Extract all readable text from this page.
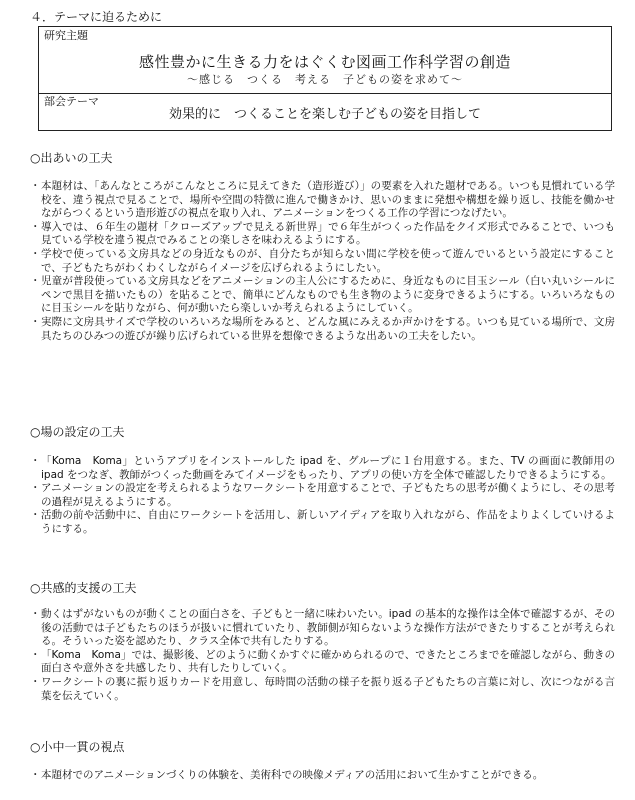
４．テーマに迫るために
研究主題
感性豊かに生きる力をはぐくむ図画工作科学習の創造
～感じる　つくる　考える　子どもの姿を求めて～
部会テーマ
効果的に　つくることを楽しむ子どもの姿を目指して
○出あいの工夫
・ 本題材は、「あんなところがこんなところに見えてきた（造形遊び）」の要素を入れた題材である。いつも見慣れている学校を、違う視点で見ることで、場所や空間の特徴に進んで働きかけ、思いのままに発想や構想を繰り返し、技能を働かせながらつくるという造形遊びの視点を取り入れ、アニメーションをつくる工作の学習につなげたい。
・ 導入では、６年生の題材「クローズアップで見える新世界」で６年生がつくった作品をクイズ形式でみることで、いつも見ている学校を違う視点でみることの楽しさを味わえるようにする。
・ 学校で使っている文房具などの身近なものが、自分たちが知らない間に学校を使って遊んでいるという設定にすることで、子どもたちがわくわくしながらイメージを広げられるようにしたい。
・ 児童が普段使っている文房具などをアニメーションの主人公にするために、身近なものに目玉シール（白い丸いシールにペンで黒目を描いたもの）を貼ることで、簡単にどんなものでも生き物のように変身できるようにする。いろいろなものに目玉シールを貼りながら、何が動いたら楽しいか考えられるようにしていく。
・ 実際に文房具サイズで学校のいろいろな場所をみると、どんな風にみえるか声かけをする。いつも見ている場所で、文房具たちのひみつの遊びが繰り広げられている世界を想像できるような出あいの工夫をしたい。
○場の設定の工夫
・ 「Koma　Koma」というアプリをインストールした ipad を、グループに１台用意する。また、TV の画面に教師用の ipad をつなぎ、教師がつくった動画をみてイメージをもったり、アプリの使い方を全体で確認したりできるようにする。
・ アニメーションの設定を考えられるようなワークシートを用意することで、子どもたちの思考が働くようにし、その思考の過程が見えるようにする。
・ 活動の前や活動中に、自由にワークシートを活用し、新しいアイディアを取り入れながら、作品をよりよくしていけるようにする。
○共感的支援の工夫
・ 動くはずがないものが動くことの面白さを、子どもと一緒に味わいたい。ipad の基本的な操作は全体で確認するが、その後の活動では子どもたちのほうが扱いに慣れていたり、教師側が知らないような操作方法ができたりすることが考えられる。そういった姿を認めたり、クラス全体で共有したりする。
・ 「Koma　Koma」では、撮影後、どのように動くかすぐに確かめられるので、できたところまでを確認しながら、動きの面白さや意外さを共感したり、共有したりしていく。
・ ワークシートの裏に振り返りカードを用意し、毎時間の活動の様子を振り返る子どもたちの言葉に対し、次につながる言葉を伝えていく。
○小中一貫の視点
・ 本題材でのアニメーションづくりの体験を、美術科での映像メディアの活用において生かすことができる。
